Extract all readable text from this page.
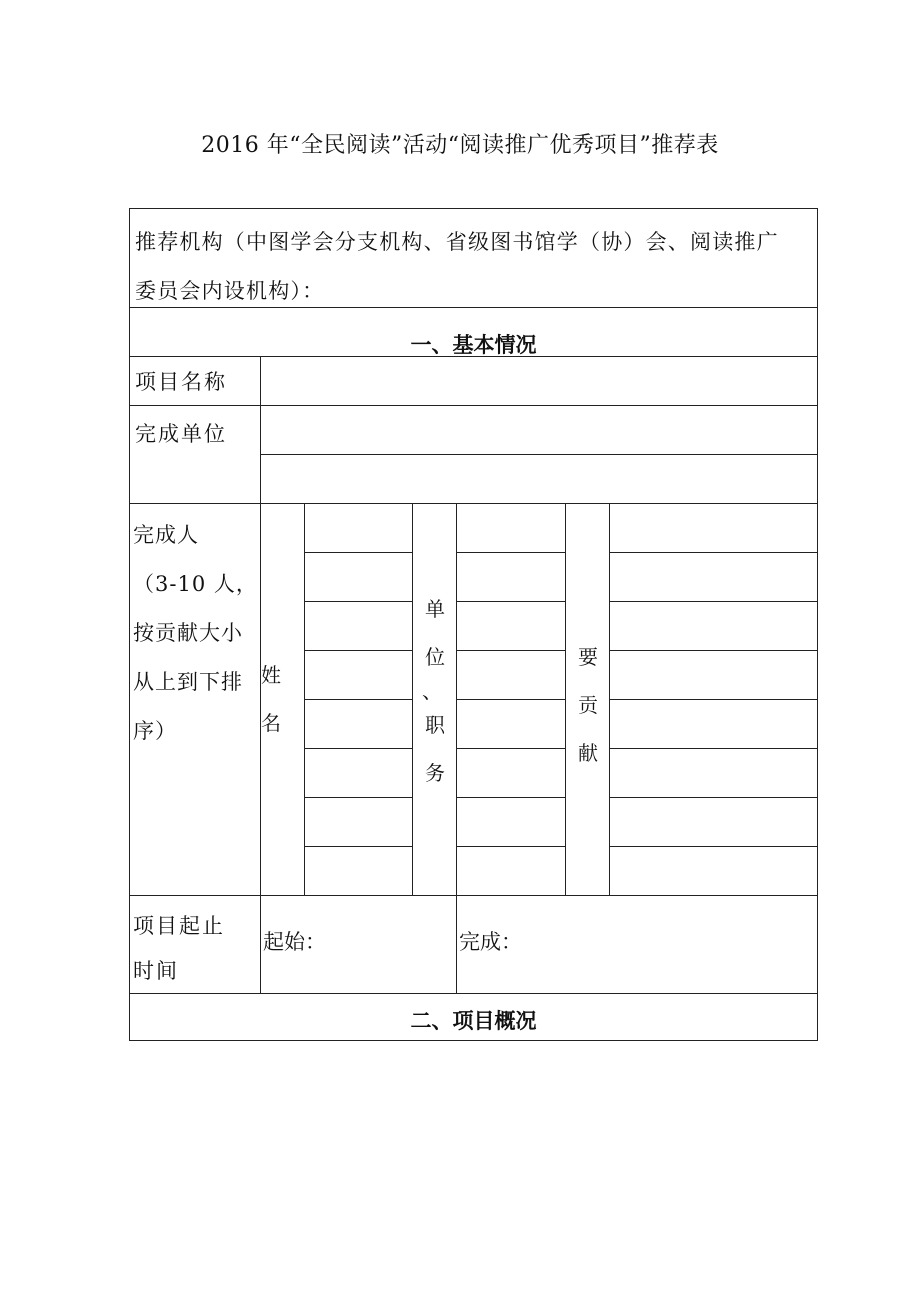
2016 年“全民阅读”活动“阅读推广优秀项目”推荐表
推荐机构（中图学会分支机构、省级图书馆学（协）会、阅读推广
委员会内设机构）：
一、基本情况
项目名称
完成单位
完成人
（3-10 人，
按贡献大小
从上到下排
序）
姓
名
单
位
、
职
务
要
贡
献
项目起止
时间
起始：	完成：
二、项目概况
